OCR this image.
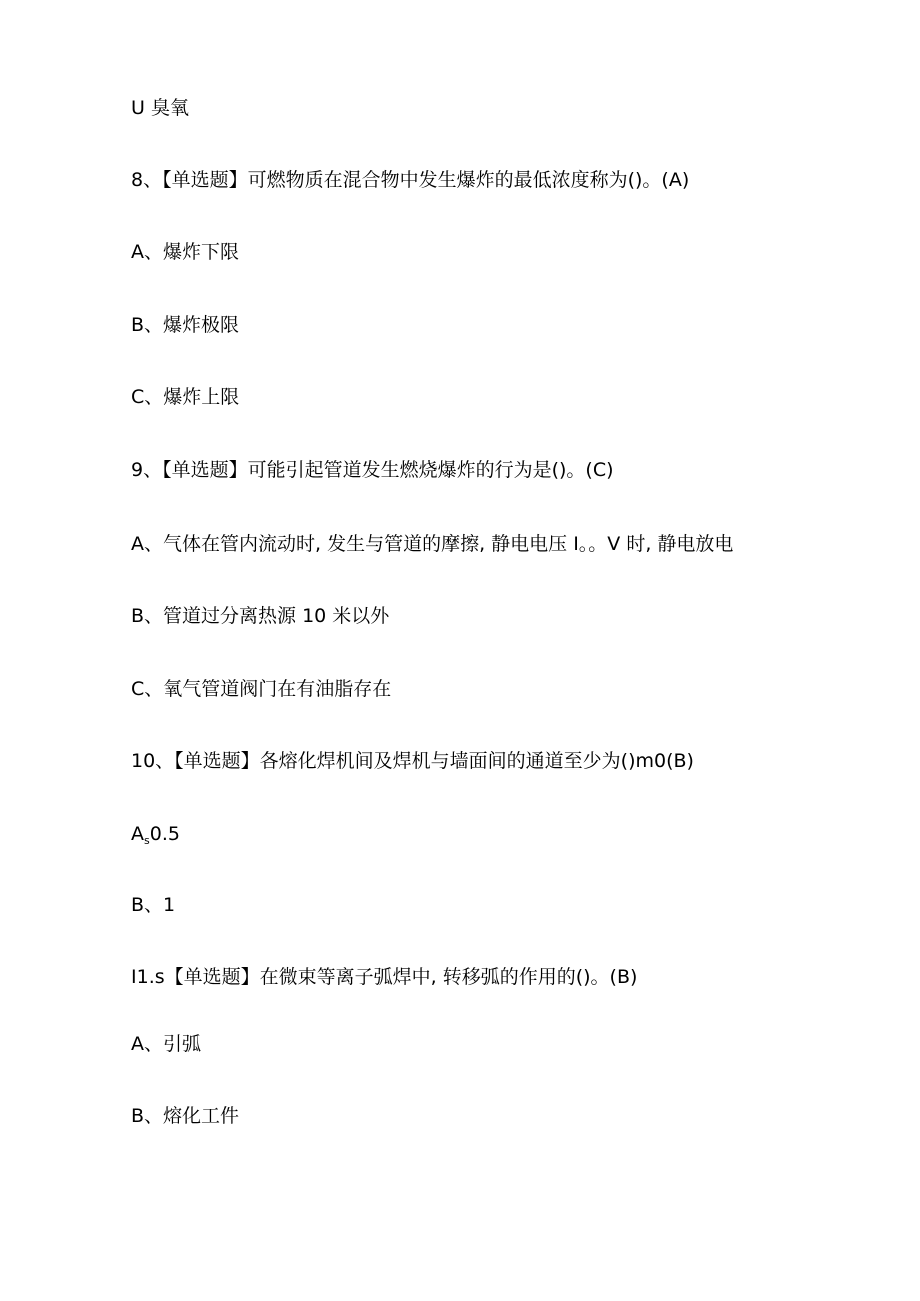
U 臭氧
8、【单选题】可燃物质在混合物中发生爆炸的最低浓度称为()。(A)
A、爆炸下限
B、爆炸极限
C、爆炸上限
9、【单选题】可能引起管道发生燃烧爆炸的行为是()。(C)
A、气体在管内流动时, 发生与管道的摩擦, 静电电压 I。。V 时, 静电放电
B、管道过分离热源 10 米以外
C、氧气管道阀门在有油脂存在
10、【单选题】各熔化焊机间及焊机与墙面间的通道至少为()m0(B)
$A_s0.5$
B、1
I1.s【单选题】在微束等离子弧焊中, 转移弧的作用的()。(B)
A、引弧
B、熔化工件
